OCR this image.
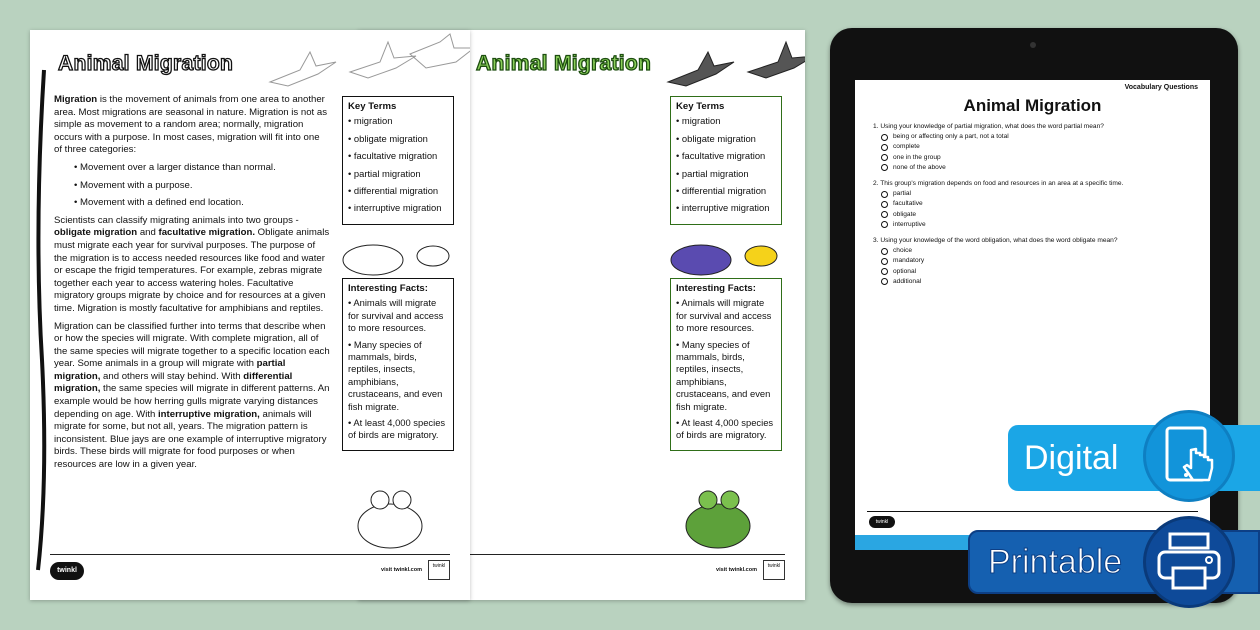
Animal Migration
Key Terms
• migration
• obligate migration
• facultative migration
• partial migration
• differential migration
• interruptive migration
Interesting Facts:
• Animals will migrate for survival and access to more resources.
• Many species of mammals, birds, reptiles, insects, amphibians, crustaceans, and even fish migrate.
• At least 4,000 species of birds are migratory.
visit twinkl.com
twinkl
Animal Migration
Key Terms
• migration
• obligate migration
• facultative migration
• partial migration
• differential migration
• interruptive migration
Interesting Facts:
• Animals will migrate for survival and access to more resources.
• Many species of mammals, birds, reptiles, insects, amphibians, crustaceans, and even fish migrate.
• At least 4,000 species of birds are migratory.
visit twinkl.com
twinkl

Migration is the movement of animals from one area to another area. Most migrations are seasonal in nature. Migration is not as simple as movement to a random area; normally, migration occurs with a purpose. In most cases, migration will fit into one of three categories:

• Movement over a larger distance than normal.
• Movement with a purpose.
• Movement with a defined end location.

Scientists can classify migrating animals into two groups - obligate migration and facultative migration. Obligate animals must migrate each year for survival purposes. The purpose of the migration is to access needed resources like food and water or escape the frigid temperatures. For example, zebras migrate together each year to access watering holes. Facultative migratory groups migrate by choice and for resources at a given time. Migration is mostly facultative for amphibians and reptiles.

Migration can be classified further into terms that describe when or how the species will migrate. With complete migration, all of the same species will migrate together to a specific location each year. Some animals in a group will migrate with partial migration, and others will stay behind. With differential migration, the same species will migrate in different patterns. An example would be how herring gulls migrate varying distances depending on age. With interruptive migration, animals will migrate for some, but not all, years. The migration pattern is inconsistent. Blue jays are one example of interruptive migratory birds. These birds will migrate for food purposes or when resources are low in a given year.

twinkl
Vocabulary Questions
Animal Migration
1. Using your knowledge of partial migration, what does the word partial mean?
being or affecting only a part, not a total
complete
one in the group
none of the above
2. This group's migration depends on food and resources in an area at a specific time.
partial
facultative
obligate
interruptive
3. Using your knowledge of the word obligation, what does the word obligate mean?
choice
mandatory
optional
additional
twinkl
Digital
Printable
